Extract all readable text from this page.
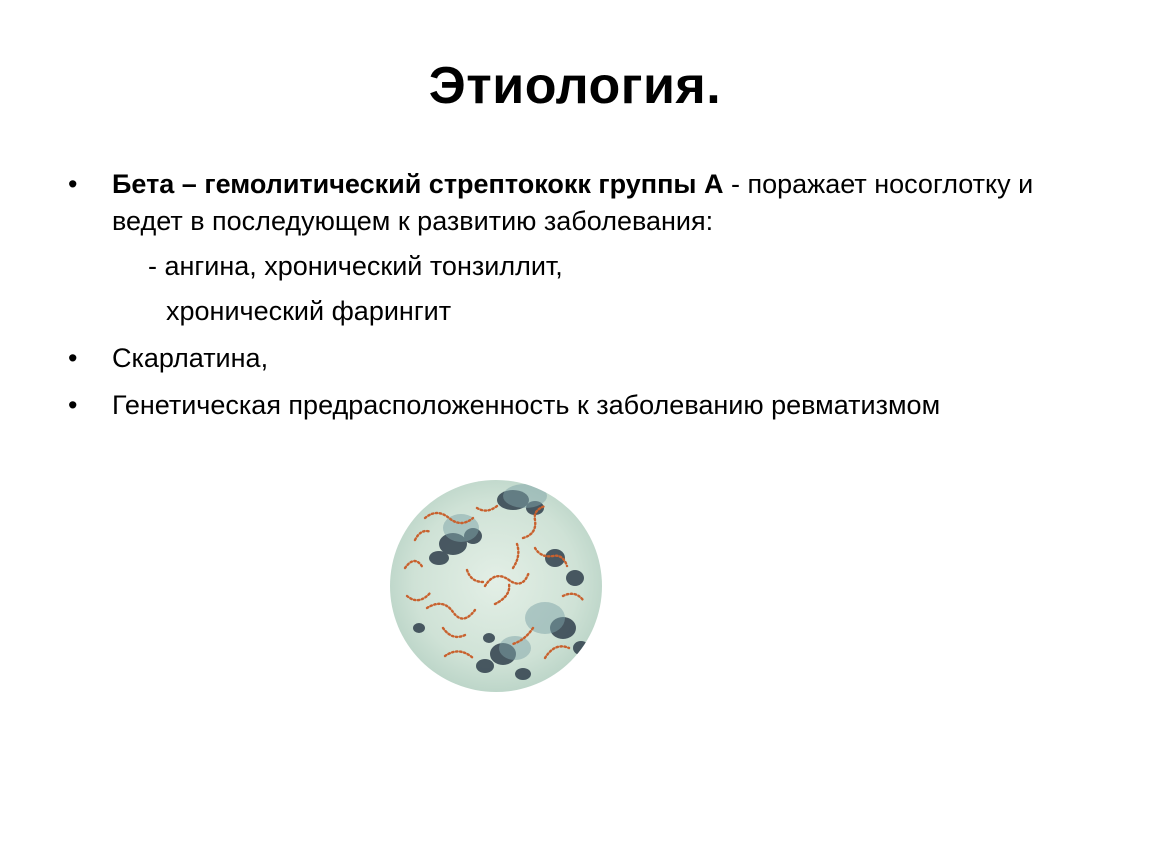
Этиология.
•	Бета – гемолитический стрептококк группы А - поражает носоглотку и ведет в последующем к развитию заболевания:
- ангина, хронический тонзиллит,
хронический фарингит
•	Скарлатина,
•	Генетическая предрасположенность к заболеванию ревматизмом
